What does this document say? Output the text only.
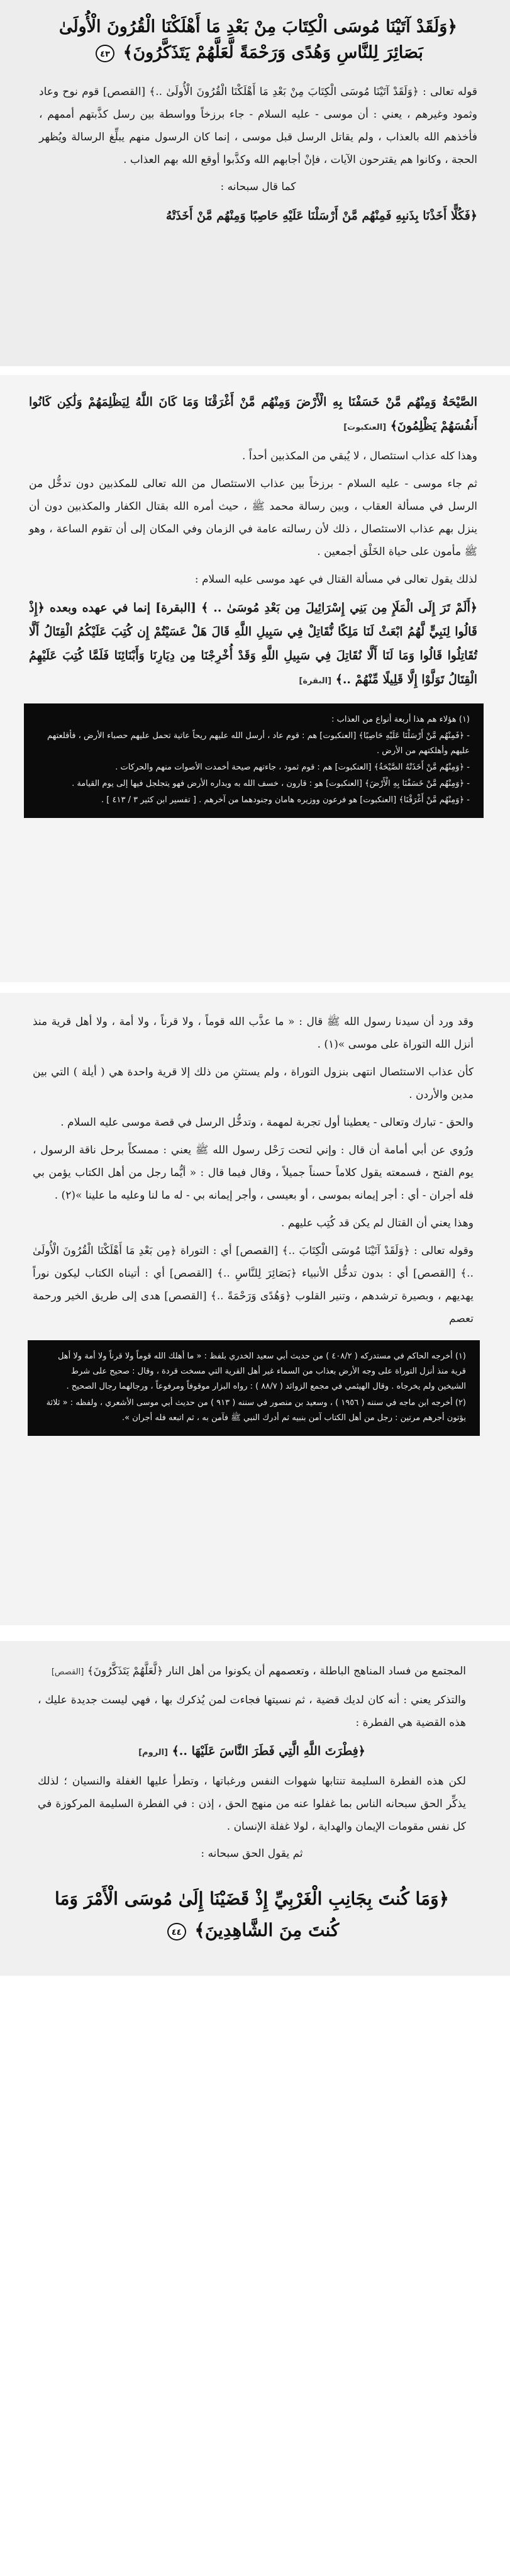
﴿وَلَقَدْ آتَيْنَا مُوسَى الْكِتَابَ مِنْ بَعْدِ مَا أَهْلَكْنَا الْقُرُونَ الْأُولَىٰ بَصَائِرَ لِلنَّاسِ وَهُدًى وَرَحْمَةً لَّعَلَّهُمْ يَتَذَكَّرُونَ﴾ ٤٣

قوله تعالى : ﴿وَلَقَدْ آتَيْنَا مُوسَى الْكِتَابَ مِنْ بَعْدِ مَا أَهْلَكْنَا الْقُرُونَ الْأُولَىٰ ..﴾ [القصص] قوم نوح وعاد وثمود وغيرهم ، يعني : أن موسى - عليه السلام - جاء برزخاً وواسطة بين رسل كذَّبتهم أممهم ، فأخذهم الله بالعذاب ، ولم يقاتل الرسل قبل موسى ، إنما كان الرسول منهم يبلِّغ الرسالة ويُظهر الحجة ، وكانوا هم يقترحون الآيات ، فإنْ أجابهم الله وكذَّبوا أوقع الله بهم العذاب .

كما قال سبحانه :

﴿فَكُلًّا أَخَذْنَا بِذَنبِهِ فَمِنْهُم مَّنْ أَرْسَلْنَا عَلَيْهِ حَاصِبًا وَمِنْهُم مَّنْ أَخَذَتْهُ

الصَّيْحَةُ وَمِنْهُم مَّنْ خَسَفْنَا بِهِ الْأَرْضَ وَمِنْهُم مَّنْ أَغْرَقْنَا وَمَا كَانَ اللَّهُ لِيَظْلِمَهُمْ وَلَٰكِن كَانُوا أَنفُسَهُمْ يَظْلِمُونَ﴾ [العنكبوت]

وهذا كله عذاب استئصال ، لا يُبقي من المكذبين أحداً .

ثم جاء موسى - عليه السلام - برزخاً بين عذاب الاستئصال من الله تعالى للمكذبين دون تدخُّل من الرسل في مسألة العقاب ، وبين رسالة محمد ﷺ ، حيث أمره الله بقتال الكفار والمكذبين دون أن ينزل بهم عذاب الاستئصال ، ذلك لأن رسالته عامة في الزمان وفي المكان إلى أن تقوم الساعة ، وهو ﷺ مأمون على حياة الخَلْق أجمعين .

لذلك يقول تعالى في مسألة القتال في عهد موسى عليه السلام :

﴿أَلَمْ تَرَ إِلَى الْمَلَإِ مِن بَنِي إِسْرَائِيلَ مِن بَعْدِ مُوسَىٰ .. ﴾ [البقرة] إنما في عهده وبعده ﴿إِذْ قَالُوا لِنَبِيٍّ لَّهُمُ ابْعَثْ لَنَا مَلِكًا نُّقَاتِلْ فِي سَبِيلِ اللَّهِ قَالَ هَلْ عَسَيْتُمْ إِن كُتِبَ عَلَيْكُمُ الْقِتَالُ أَلَّا تُقَاتِلُوا قَالُوا وَمَا لَنَا أَلَّا نُقَاتِلَ فِي سَبِيلِ اللَّهِ وَقَدْ أُخْرِجْنَا مِن دِيَارِنَا وَأَبْنَائِنَا فَلَمَّا كُتِبَ عَلَيْهِمُ الْقِتَالُ تَوَلَّوْا إِلَّا قَلِيلًا مِّنْهُمْ ..﴾ [البقرة]

(١) هؤلاء هم هذا أربعة أنواع من العذاب :

- ﴿فَمِنْهُم مَّنْ أَرْسَلْنَا عَلَيْهِ حَاصِبًا﴾ [العنكبوت] هم : قوم عاد ، أرسل الله عليهم ريحاً عاتية تحمل عليهم حصباء الأرض ، فأقلعتهم عليهم وأهلكتهم من الأرض .

- ﴿وَمِنْهُم مَّنْ أَخَذَتْهُ الصَّيْحَةُ﴾ [العنكبوت] هم : قوم ثمود ، جاءتهم صيحة أخمدت الأصوات منهم والحركات .

- ﴿وَمِنْهُم مَّنْ خَسَفْنَا بِهِ الْأَرْضَ﴾ [العنكبوت] هو : قارون ، خسف الله به وبداره الأرض فهو يتجلجل فيها إلى يوم القيامة .

- ﴿وَمِنْهُم مَّنْ أَغْرَقْنَا﴾ [العنكبوت] هو فرعون ووزيره هامان وجنودهما من آخرهم . [ تفسير ابن كثير ٣ / ٤١٣ ] .

وقد ورد أن سيدنا رسول الله ﷺ قال : « ما عذَّب الله قوماً ، ولا قرناً ، ولا أمة ، ولا أهل قرية منذ أنزل الله التوراة على موسى »(١) .

كأن عذاب الاستئصال انتهى بنزول التوراة ، ولم يستثنِ من ذلك إلا قرية واحدة هي ( أيلة ) التي بين مدين والأردن .

والحق - تبارك وتعالى - يعطينا أول تجربة لمهمة ، وتدخُّل الرسل في قصة موسى عليه السلام .

ورُوي عن أبي أمامة أن قال : وإني لتحت رَحْل رسول الله ﷺ يعني : ممسكاً برحل ناقة الرسول ، يوم الفتح ، فسمعته يقول كلاماً حسناً جميلاً ، وقال فيما قال : « أيُّما رجل من أهل الكتاب يؤمن بي فله أجران - أي : أجر إيمانه بموسى ، أو بعيسى ، وأجر إيمانه بي - له ما لنا وعليه ما علينا »(٢) .

وهذا يعني أن القتال لم يكن قد كُتِب عليهم .

وقوله تعالى : ﴿وَلَقَدْ آتَيْنَا مُوسَى الْكِتَابَ ..﴾ [القصص] أي : التوراة ﴿مِن بَعْدِ مَا أَهْلَكْنَا الْقُرُونَ الْأُولَىٰ ..﴾ [القصص] أي : بدون تدخُّل الأنبياء ﴿بَصَائِرَ لِلنَّاسِ ..﴾ [القصص] أي : أتيناه الكتاب ليكون نوراً يهديهم ، وبصيرة ترشدهم ، وتنير القلوب ﴿وَهُدًى وَرَحْمَةً ..﴾ [القصص] هدى إلى طريق الخير ورحمة تعصم

(١) أخرجه الحاكم في مستدركه ( ٤٠٨/٢ ) من حديث أبي سعيد الخدري بلفظ : « ما أهلك الله قوماً ولا قرناً ولا أمة ولا أهل قرية منذ أنزل التوراة على وجه الأرض بعذاب من السماء غير أهل القرية التي مسخت قردة ، وقال : صحيح على شرط الشيخين ولم يخرجاه . وقال الهيثمي في مجمع الزوائد ( ٨٨/٧ ) : رواه البزار موقوفاً ومرفوعاً ، ورجالهما رجال الصحيح .

(٢) أخرجه ابن ماجه في سننه ( ١٩٥٦ ) ، وسعيد بن منصور في سننه ( ٩١٣ ) من حديث أبي موسى الأشعري ، ولفظه : « ثلاثة يؤتون أجرهم مرتين : رجل من أهل الكتاب آمن بنبيه ثم أدرك النبي ﷺ فآمن به ، ثم اتبعه فله أجران ».

المجتمع من فساد المناهج الباطلة ، وتعصمهم أن يكونوا من أهل النار ﴿لَّعَلَّهُمْ يَتَذَكَّرُونَ﴾ [القصص]

والتذكر يعني : أنه كان لديك قضية ، ثم نسيتها فجاءت لمن يُذكرك بها ، فهي ليست جديدة عليك ، هذه القضية هي الفطرة :

﴿فِطْرَتَ اللَّهِ الَّتِي فَطَرَ النَّاسَ عَلَيْهَا ..﴾ [الروم]

لكن هذه الفطرة السليمة تنتابها شهوات النفس ورغباتها ، وتطرأ عليها الغفلة والنسيان ؛ لذلك يذكِّر الحق سبحانه الناس بما غفلوا عنه من منهج الحق ، إذن : في الفطرة السليمة المركوزة في كل نفس مقومات الإيمان والهداية ، لولا غفلة الإنسان .

ثم يقول الحق سبحانه :

﴿وَمَا كُنتَ بِجَانِبِ الْغَرْبِيِّ إِذْ قَضَيْنَا إِلَىٰ مُوسَى الْأَمْرَ وَمَا كُنتَ مِنَ الشَّاهِدِينَ﴾ ٤٤
